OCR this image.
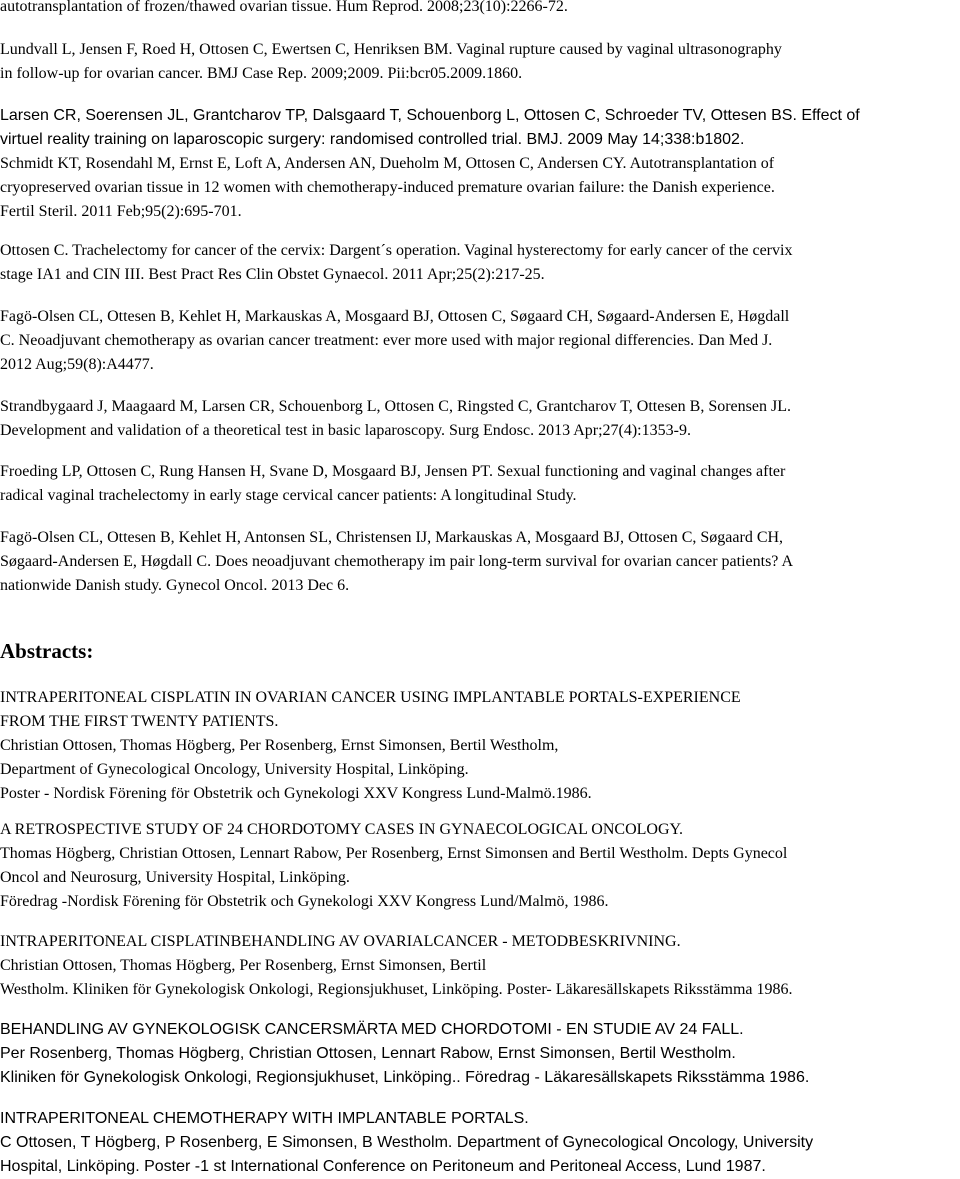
autotransplantation of frozen/thawed ovarian tissue. Hum Reprod. 2008;23(10):2266-72.
Lundvall L, Jensen F, Roed H, Ottosen C, Ewertsen C, Henriksen BM. Vaginal rupture caused by vaginal ultrasonography
in follow-up for ovarian cancer. BMJ Case Rep. 2009;2009. Pii:bcr05.2009.1860.
Larsen CR, Soerensen JL, Grantcharov TP, Dalsgaard T, Schouenborg L, Ottosen C, Schroeder TV, Ottesen BS. Effect of
virtuel reality training on laparoscopic surgery: randomised controlled trial. BMJ. 2009 May 14;338:b1802.
Schmidt KT, Rosendahl M, Ernst E, Loft A, Andersen AN, Dueholm M, Ottosen C, Andersen CY. Autotransplantation of
cryopreserved ovarian tissue in 12 women with chemotherapy-induced premature ovarian failure: the Danish experience.
Fertil Steril. 2011 Feb;95(2):695-701.
Ottosen C. Trachelectomy for cancer of the cervix: Dargent´s operation. Vaginal hysterectomy for early cancer of the cervix
stage IA1 and CIN III. Best Pract Res Clin Obstet Gynaecol. 2011 Apr;25(2):217-25.
Fagö-Olsen CL, Ottesen B, Kehlet H, Markauskas A, Mosgaard BJ, Ottosen C, Søgaard CH, Søgaard-Andersen E, Høgdall
C. Neoadjuvant chemotherapy as ovarian cancer treatment: ever more used with major regional differencies. Dan Med J.
2012 Aug;59(8):A4477.
Strandbygaard J, Maagaard M, Larsen CR, Schouenborg L, Ottosen C, Ringsted C, Grantcharov T, Ottesen B, Sorensen JL.
Development and validation of a theoretical test in basic laparoscopy. Surg Endosc. 2013 Apr;27(4):1353-9.
Froeding LP, Ottosen C, Rung Hansen H, Svane D, Mosgaard BJ, Jensen PT. Sexual functioning and vaginal changes after
radical vaginal trachelectomy in early stage cervical cancer patients: A longitudinal Study.
Fagö-Olsen CL, Ottesen B, Kehlet H, Antonsen SL, Christensen IJ, Markauskas A, Mosgaard BJ, Ottosen C, Søgaard CH,
Søgaard-Andersen E, Høgdall C. Does neoadjuvant chemotherapy im pair long-term survival for ovarian cancer patients? A
nationwide Danish study. Gynecol Oncol. 2013 Dec 6.
Abstracts:
INTRAPERITONEAL CISPLATIN IN OVARIAN CANCER USING IMPLANTABLE PORTALS-EXPERIENCE
FROM THE FIRST TWENTY PATIENTS.
Christian Ottosen, Thomas Högberg, Per Rosenberg, Ernst Simonsen, Bertil Westholm,
Department of Gynecological Oncology, University Hospital, Linköping.
Poster - Nordisk Förening för Obstetrik och Gynekologi XXV Kongress Lund-Malmö.1986.
A RETROSPECTIVE STUDY OF 24 CHORDOTOMY CASES IN GYNAECOLOGICAL ONCOLOGY.
Thomas Högberg, Christian Ottosen, Lennart Rabow, Per Rosenberg, Ernst Simonsen and Bertil Westholm. Depts Gynecol
Oncol and Neurosurg, University Hospital, Linköping.
Föredrag -Nordisk Förening för Obstetrik och Gynekologi XXV Kongress Lund/Malmö, 1986.
INTRAPERITONEAL CISPLATINBEHANDLING AV OVARIALCANCER - METODBESKRIVNING.
Christian Ottosen, Thomas Högberg, Per Rosenberg, Ernst Simonsen, Bertil
Westholm. Kliniken för Gynekologisk Onkologi, Regionsjukhuset, Linköping. Poster- Läkaresällskapets Riksstämma 1986.
BEHANDLING AV GYNEKOLOGISK CANCERSMÄRTA MED CHORDOTOMI - EN STUDIE AV 24 FALL.
Per Rosenberg, Thomas Högberg, Christian Ottosen, Lennart Rabow, Ernst Simonsen, Bertil Westholm.
Kliniken för Gynekologisk Onkologi, Regionsjukhuset, Linköping.. Föredrag - Läkaresällskapets Riksstämma 1986.
INTRAPERITONEAL CHEMOTHERAPY WITH IMPLANTABLE PORTALS.
C Ottosen, T Högberg, P Rosenberg, E Simonsen, B Westholm. Department of Gynecological Oncology, University
Hospital, Linköping. Poster -1 st International Conference on Peritoneum and Peritoneal Access, Lund 1987.
